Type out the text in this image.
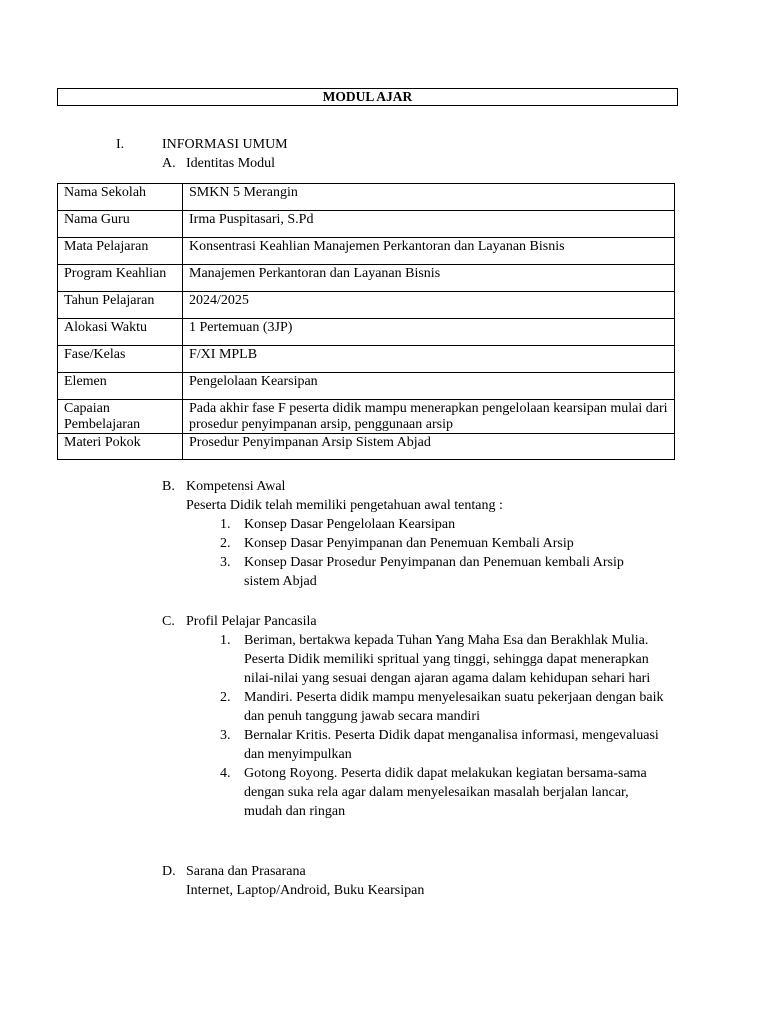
MODUL AJAR
I.	INFORMASI UMUM
A. Identitas Modul
Nama Sekolah	SMKN 5 Merangin
Nama Guru	Irma Puspitasari, S.Pd
Mata Pelajaran	Konsentrasi Keahlian Manajemen Perkantoran dan Layanan Bisnis
Program Keahlian	Manajemen Perkantoran dan Layanan Bisnis
Tahun Pelajaran	2024/2025
Alokasi Waktu	1 Pertemuan (3JP)
Fase/Kelas	F/XI MPLB
Elemen	Pengelolaan Kearsipan
Capaian Pembelajaran	Pada akhir fase F peserta didik mampu menerapkan pengelolaan kearsipan mulai dari prosedur penyimpanan arsip, penggunaan arsip
Materi Pokok	Prosedur Penyimpanan Arsip Sistem Abjad
B. Kompetensi Awal
Peserta Didik telah memiliki pengetahuan awal tentang :
1. Konsep Dasar Pengelolaan Kearsipan
2. Konsep Dasar Penyimpanan dan Penemuan Kembali Arsip
3. Konsep Dasar Prosedur Penyimpanan dan Penemuan kembali Arsip sistem Abjad
C. Profil Pelajar Pancasila
1. Beriman, bertakwa kepada Tuhan Yang Maha Esa dan Berakhlak Mulia. Peserta Didik memiliki spritual yang tinggi, sehingga dapat menerapkan nilai-nilai yang sesuai dengan ajaran agama dalam kehidupan sehari hari
2. Mandiri. Peserta didik mampu menyelesaikan suatu pekerjaan dengan baik dan penuh tanggung jawab secara mandiri
3. Bernalar Kritis. Peserta Didik dapat menganalisa informasi, mengevaluasi dan menyimpulkan
4. Gotong Royong. Peserta didik dapat melakukan kegiatan bersama-sama dengan suka rela agar dalam menyelesaikan masalah berjalan lancar, mudah dan ringan
D. Sarana dan Prasarana
Internet, Laptop/Android, Buku Kearsipan
